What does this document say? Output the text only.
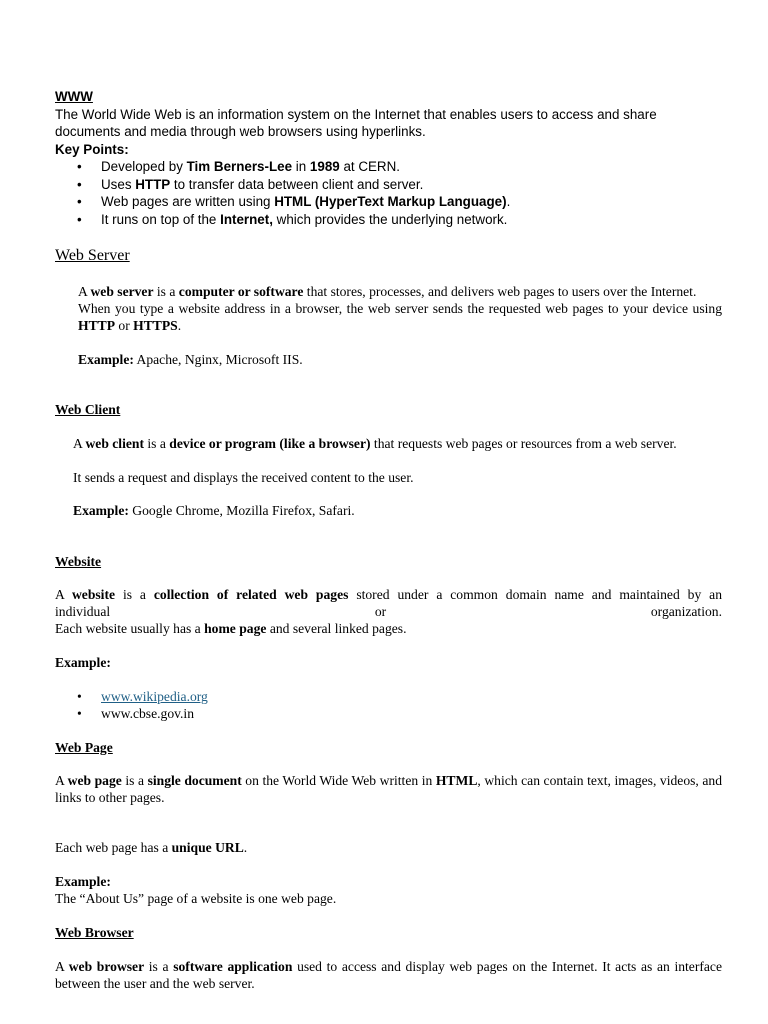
WWW

The World Wide Web is an information system on the Internet that enables users to access and share documents and media through web browsers using hyperlinks.

Key Points:
• Developed by Tim Berners-Lee in 1989 at CERN.
• Uses HTTP to transfer data between client and server.
• Web pages are written using HTML (HyperText Markup Language).
• It runs on top of the Internet, which provides the underlying network.
Web Server

A web server is a computer or software that stores, processes, and delivers web pages to users over the Internet.

When you type a website address in a browser, the web server sends the requested web pages to your device using HTTP or HTTPS.

Example: Apache, Nginx, Microsoft IIS.

Web Client

A web client is a device or program (like a browser) that requests web pages or resources from a web server.

It sends a request and displays the received content to the user.

Example: Google Chrome, Mozilla Firefox, Safari.

Website

A website is a collection of related web pages stored under a common domain name and maintained by an

individual	or	organization.

Each website usually has a home page and several linked pages.

Example:

• www.wikipedia.org
• www.cbse.gov.in
Web Page

A web page is a single document on the World Wide Web written in HTML, which can contain text, images, videos, and links to other pages.

Each web page has a unique URL.

Example:

The “About Us” page of a website is one web page.

Web Browser

A web browser is a software application used to access and display web pages on the Internet. It acts as an interface between the user and the web server.
